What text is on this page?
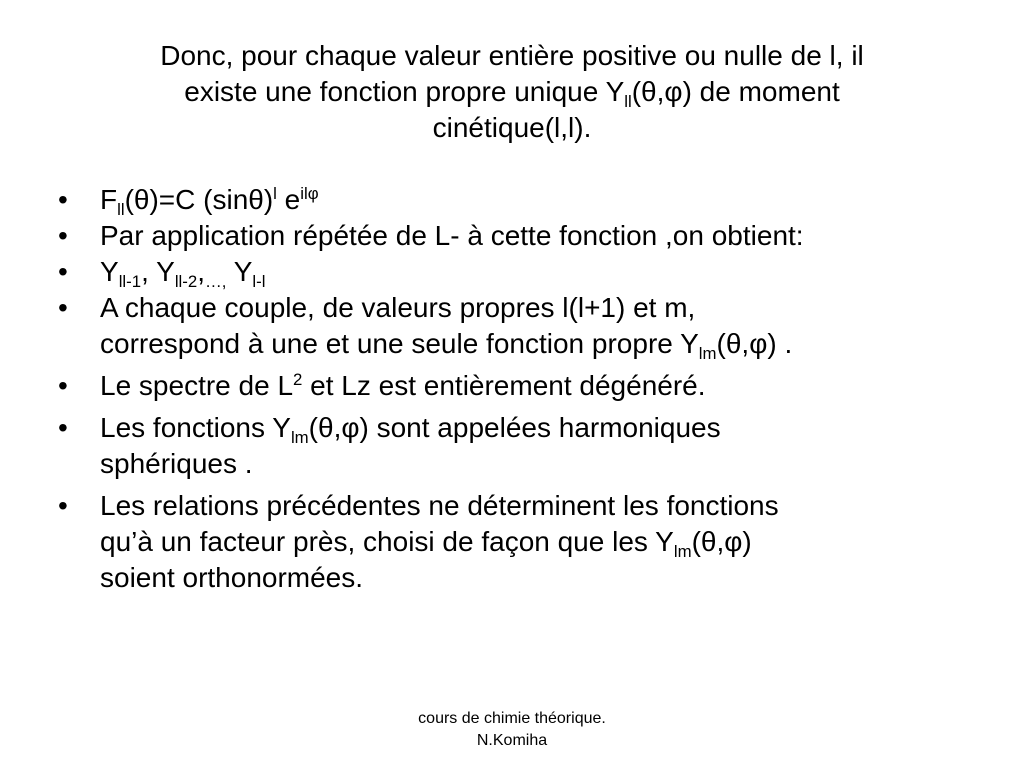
Donc, pour chaque valeur entière positive ou nulle de l, il
existe une fonction propre unique $Y_{ll}(\theta,\varphi)$ de moment
cinétique(l,l).
•	$F_{ll}(\theta)=C$ $(\sin\theta)^l$ $e^{il\varphi}$
•	Par application répétée de L- à cette fonction ,on obtient:
•	$Y_{ll-1}$, $Y_{ll-2},_{\dots,}$ $Y_{l-l}$
•	A chaque couple, de valeurs propres l(l+1) et m,
correspond à une et une seule fonction propre $Y_{lm}(\theta,\varphi)$ .
•	Le spectre de $L^2$ et Lz est entièrement dégénéré.
•	Les fonctions $Y_{lm}(\theta,\varphi)$ sont appelées harmoniques
sphériques .
•	Les relations précédentes ne déterminent les fonctions
qu’à un facteur près, choisi de façon que les $Y_{lm}(\theta,\varphi)$
soient orthonormées.
cours de chimie théorique.
N.Komiha
